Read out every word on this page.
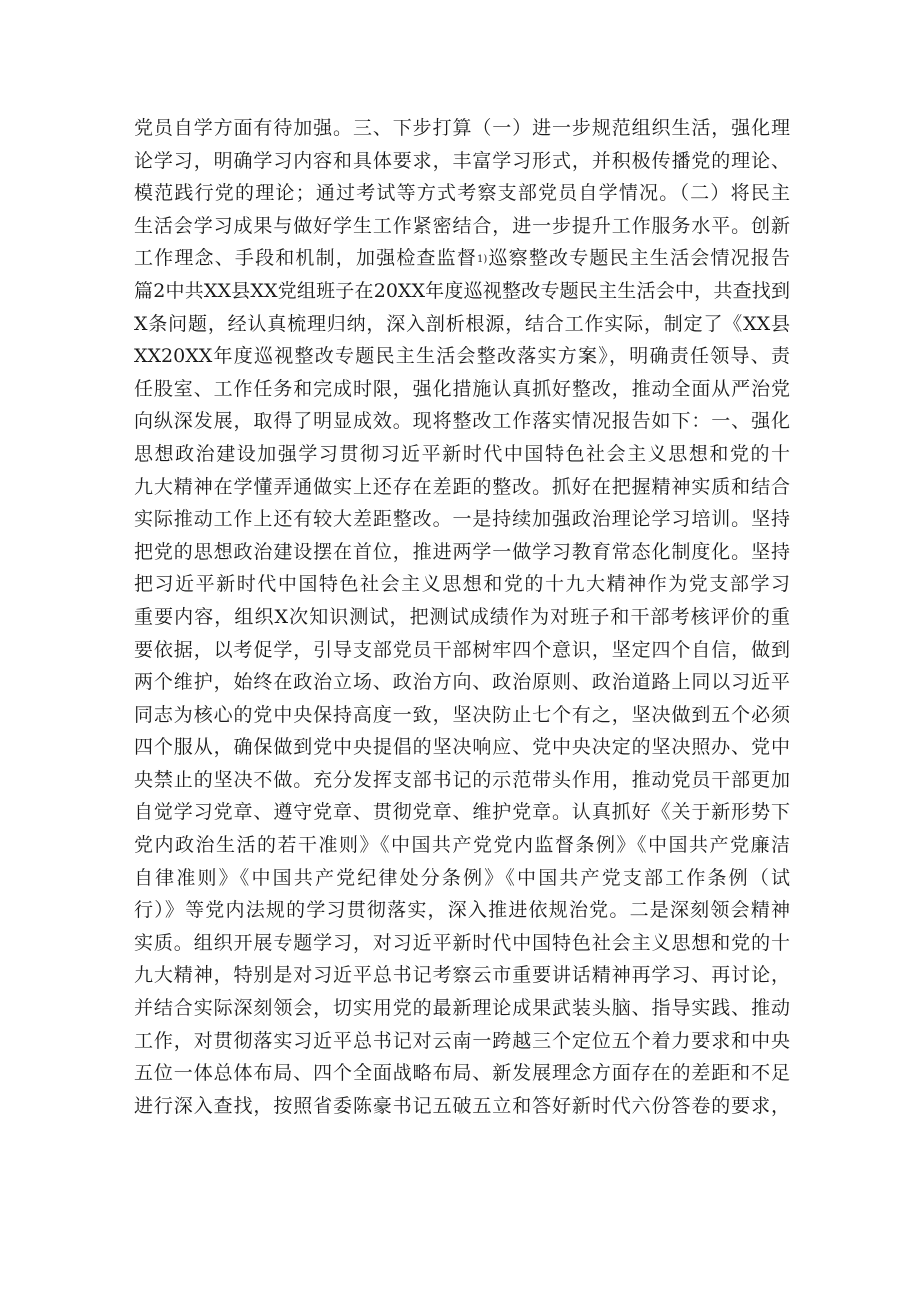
党员自学方面有待加强。三、下步打算（一）进一步规范组织生活，强化理
论学习，明确学习内容和具体要求，丰富学习形式，并积极传播党的理论、
模范践行党的理论；通过考试等方式考察支部党员自学情况。（二）将民主
生活会学习成果与做好学生工作紧密结合，进一步提升工作服务水平。创新
工作理念、手段和机制，加强检查监督$^{1)}$巡察整改专题民主生活会情况报告
篇2中共XX县XX党组班子在20XX年度巡视整改专题民主生活会中，共查找到
X条问题，经认真梳理归纳，深入剖析根源，结合工作实际，制定了《XX县
XX20XX年度巡视整改专题民主生活会整改落实方案》，明确责任领导、责
任股室、工作任务和完成时限，强化措施认真抓好整改，推动全面从严治党
向纵深发展，取得了明显成效。现将整改工作落实情况报告如下：一、强化
思想政治建设加强学习贯彻习近平新时代中国特色社会主义思想和党的十
九大精神在学懂弄通做实上还存在差距的整改。抓好在把握精神实质和结合
实际推动工作上还有较大差距整改。一是持续加强政治理论学习培训。坚持
把党的思想政治建设摆在首位，推进两学一做学习教育常态化制度化。坚持
把习近平新时代中国特色社会主义思想和党的十九大精神作为党支部学习
重要内容，组织X次知识测试，把测试成绩作为对班子和干部考核评价的重
要依据，以考促学，引导支部党员干部树牢四个意识，坚定四个自信，做到
两个维护，始终在政治立场、政治方向、政治原则、政治道路上同以习近平
同志为核心的党中央保持高度一致，坚决防止七个有之，坚决做到五个必须
四个服从，确保做到党中央提倡的坚决响应、党中央决定的坚决照办、党中
央禁止的坚决不做。充分发挥支部书记的示范带头作用，推动党员干部更加
自觉学习党章、遵守党章、贯彻党章、维护党章。认真抓好《关于新形势下
党内政治生活的若干准则》《中国共产党党内监督条例》《中国共产党廉洁
自律准则》《中国共产党纪律处分条例》《中国共产党支部工作条例（试
行）》等党内法规的学习贯彻落实，深入推进依规治党。二是深刻领会精神
实质。组织开展专题学习，对习近平新时代中国特色社会主义思想和党的十
九大精神，特别是对习近平总书记考察云市重要讲话精神再学习、再讨论，
并结合实际深刻领会，切实用党的最新理论成果武装头脑、指导实践、推动
工作，对贯彻落实习近平总书记对云南一跨越三个定位五个着力要求和中央
五位一体总体布局、四个全面战略布局、新发展理念方面存在的差距和不足
进行深入查找，按照省委陈豪书记五破五立和答好新时代六份答卷的要求，
